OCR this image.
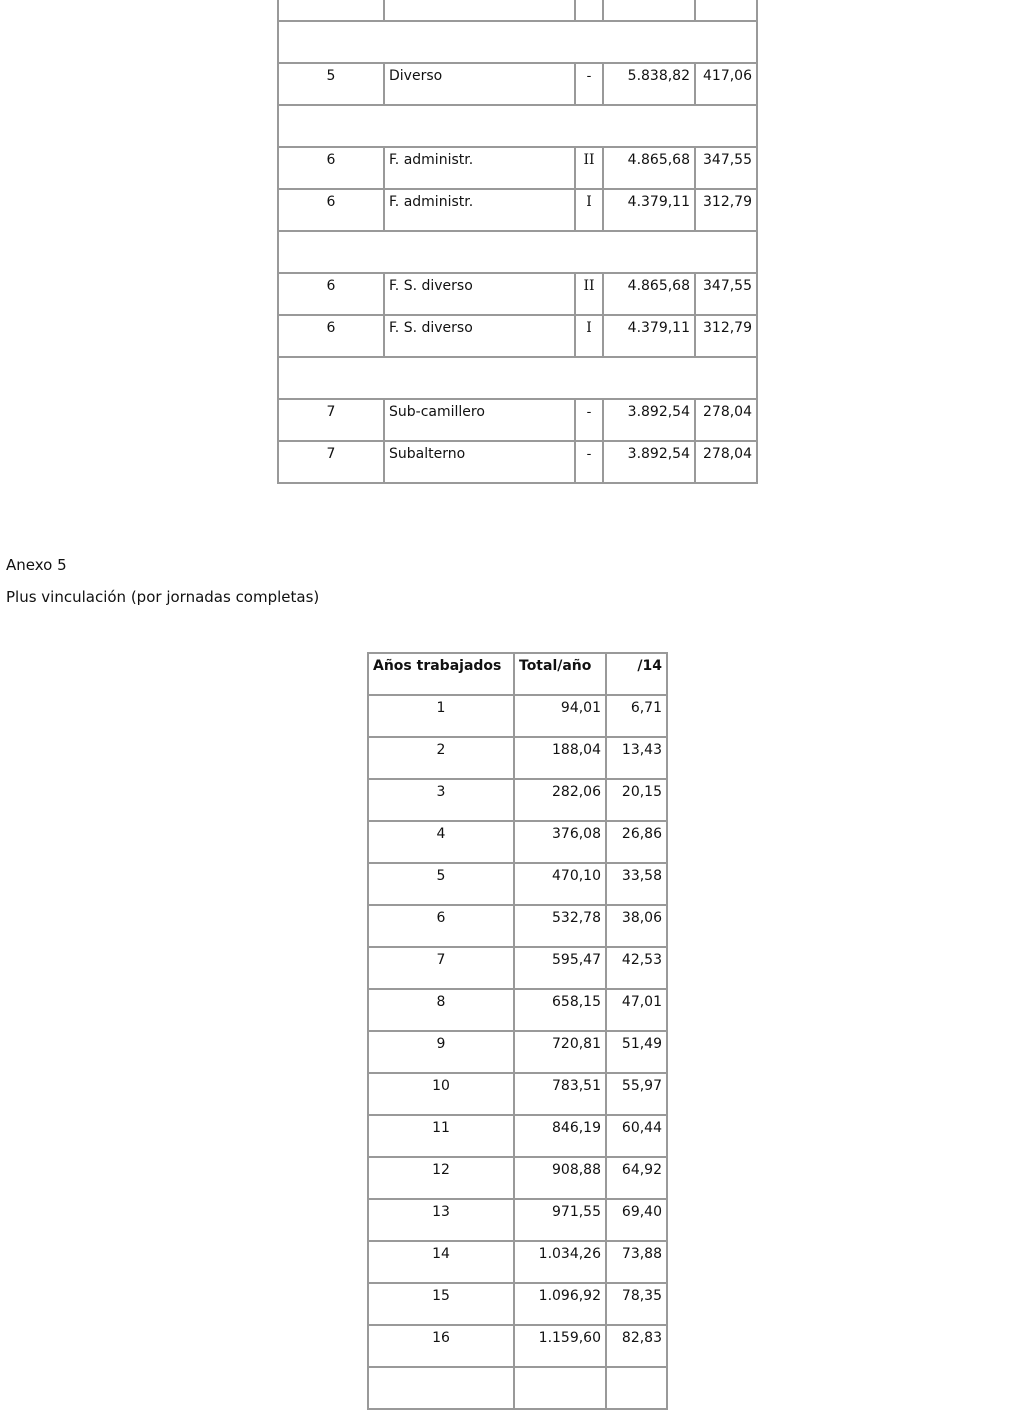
5	Diverso	-	5.838,82	417,06

6	F. administr.	II	4.865,68	347,55
6	F. administr.	I	4.379,11	312,79

6	F. S. diverso	II	4.865,68	347,55
6	F. S. diverso	I	4.379,11	312,79

7	Sub-camillero	-	3.892,54	278,04
7	Subalterno	-	3.892,54	278,04
Anexo 5
Plus vinculación (por jornadas completas)
Años trabajados	Total/año	/14
1	94,01	6,71
2	188,04	13,43
3	282,06	20,15
4	376,08	26,86
5	470,10	33,58
6	532,78	38,06
7	595,47	42,53
8	658,15	47,01
9	720,81	51,49
10	783,51	55,97
11	846,19	60,44
12	908,88	64,92
13	971,55	69,40
14	1.034,26	73,88
15	1.096,92	78,35
16	1.159,60	82,83
